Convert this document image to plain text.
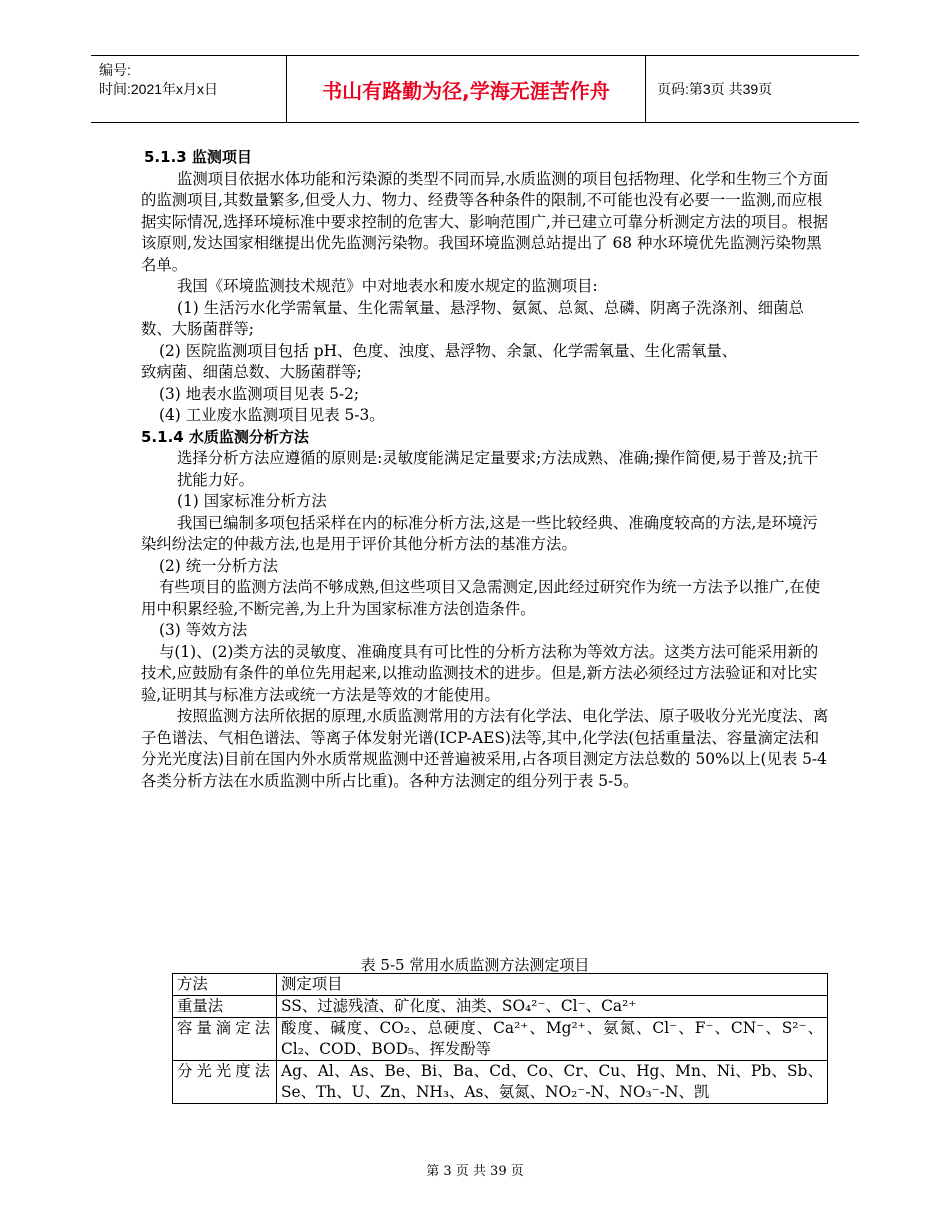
编号:
时间:2021年x月x日	书山有路勤为径,学海无涯苦作舟	页码:第3页 共39页

5.1.3 监测项目

监测项目依据水体功能和污染源的类型不同而异,水质监测的项目包括物理、化学和生物三个方面的监测项目,其数量繁多,但受人力、物力、经费等各种条件的限制,不可能也没有必要一一监测,而应根据实际情况,选择环境标准中要求控制的危害大、影响范围广,并已建立可靠分析测定方法的项目。根据该原则,发达国家相继提出优先监测污染物。我国环境监测总站提出了 68 种水环境优先监测污染物黑名单。

我国《环境监测技术规范》中对地表水和废水规定的监测项目:

(1) 生活污水化学需氧量、生化需氧量、悬浮物、氨氮、总氮、总磷、阴离子洗涤剂、细菌总数、大肠菌群等;

(2) 医院监测项目包括 pH、色度、浊度、悬浮物、余氯、化学需氧量、生化需氧量、

致病菌、细菌总数、大肠菌群等;

(3) 地表水监测项目见表 5-2;

(4) 工业废水监测项目见表 5-3。

5.1.4 水质监测分析方法

选择分析方法应遵循的原则是:灵敏度能满足定量要求;方法成熟、准确;操作简便,易于普及;抗干扰能力好。

(1) 国家标准分析方法

我国已编制多项包括采样在内的标准分析方法,这是一些比较经典、准确度较高的方法,是环境污染纠纷法定的仲裁方法,也是用于评价其他分析方法的基准方法。

(2) 统一分析方法

有些项目的监测方法尚不够成熟,但这些项目又急需测定,因此经过研究作为统一方法予以推广,在使用中积累经验,不断完善,为上升为国家标准方法创造条件。

(3) 等效方法

与(1)、(2)类方法的灵敏度、准确度具有可比性的分析方法称为等效方法。这类方法可能采用新的技术,应鼓励有条件的单位先用起来,以推动监测技术的进步。但是,新方法必须经过方法验证和对比实验,证明其与标准方法或统一方法是等效的才能使用。

按照监测方法所依据的原理,水质监测常用的方法有化学法、电化学法、原子吸收分光光度法、离子色谱法、气相色谱法、等离子体发射光谱(ICP-AES)法等,其中,化学法(包括重量法、容量滴定法和分光光度法)目前在国内外水质常规监测中还普遍被采用,占各项目测定方法总数的 50%以上(见表 5-4 各类分析方法在水质监测中所占比重)。各种方法测定的组分列于表 5-5。

表 5-5 常用水质监测方法测定项目
方法	测定项目
重量法	SS、过滤残渣、矿化度、油类、SO₄²⁻、Cl⁻、Ca²⁺
容量滴定法	酸度、碱度、CO₂、总硬度、Ca²⁺、Mg²⁺、氨氮、Cl⁻、F⁻、CN⁻、S²⁻、Cl₂、COD、BOD₅、挥发酚等
分光光度法	Ag、Al、As、Be、Bi、Ba、Cd、Co、Cr、Cu、Hg、Mn、Ni、Pb、Sb、Se、Th、U、Zn、NH₃、As、氨氮、NO₂⁻-N、NO₃⁻-N、凯
第 3 页 共 39 页
